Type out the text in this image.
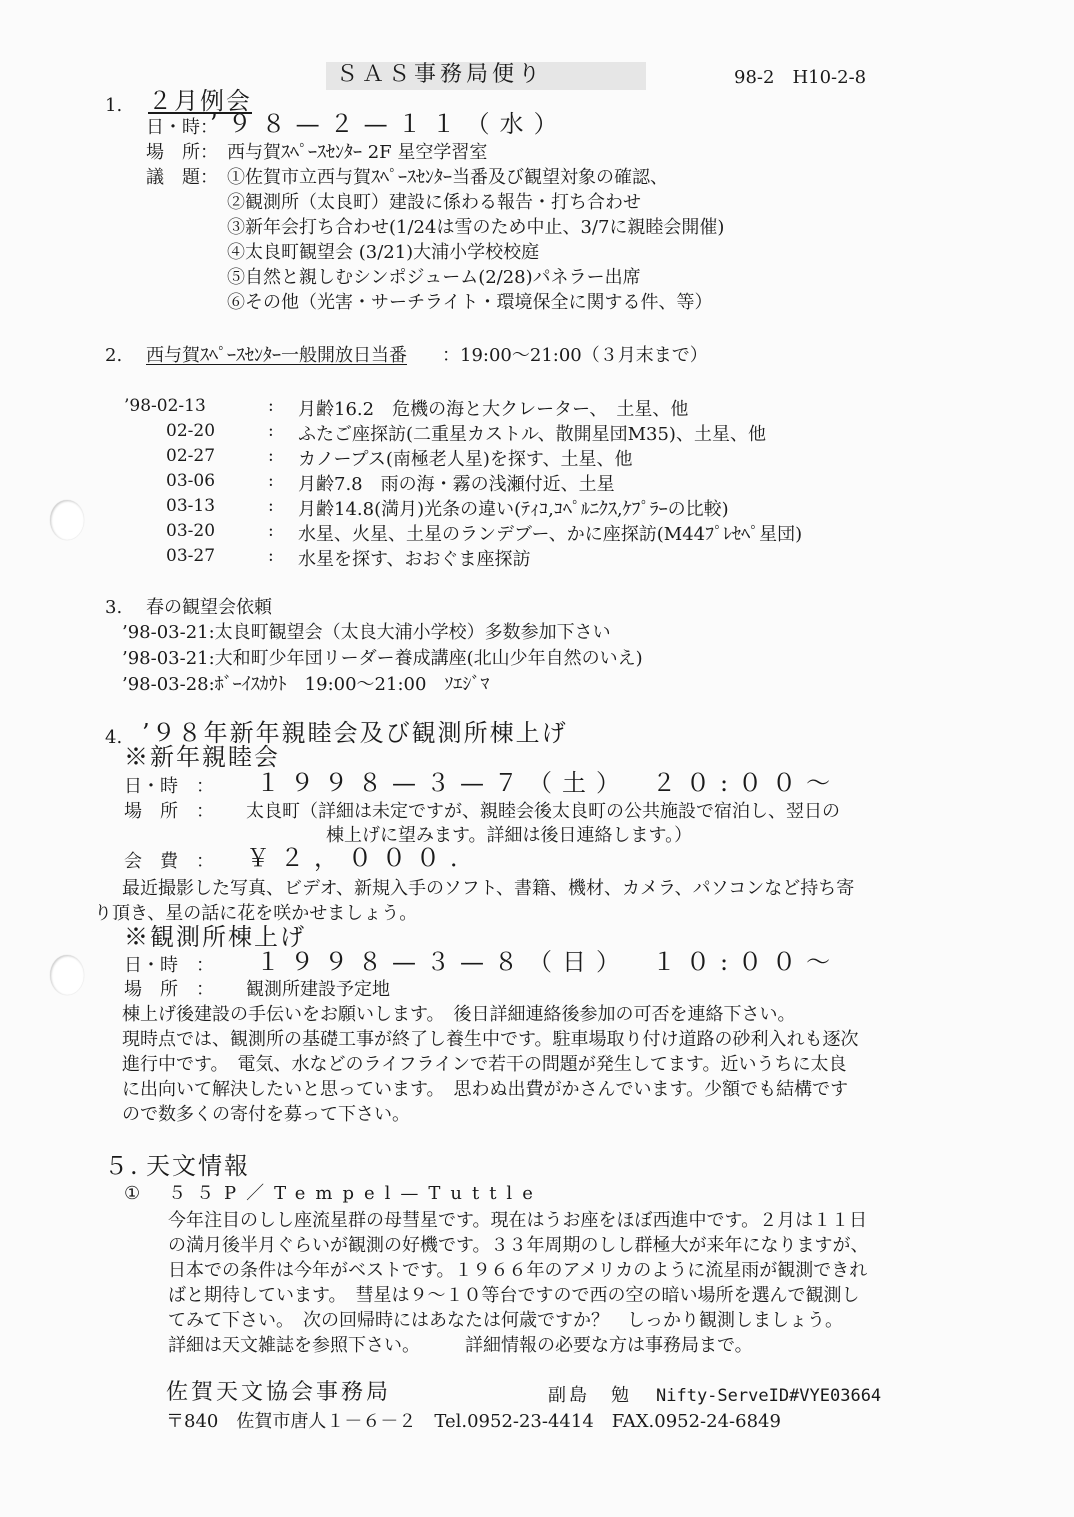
ＳＡＳ事務局便り	98-2　H10-2-8
1. ２月例会
日・時：
’９８—２—１１（水）
場　所： 西与賀ｽﾍﾟｰｽｾﾝﾀｰ 2F 星空学習室
議　題： ①佐賀市立西与賀ｽﾍﾟｰｽｾﾝﾀｰ当番及び観望対象の確認、
②観測所（太良町）建設に係わる報告・打ち合わせ
③新年会打ち合わせ(1/24は雪のため中止、3/7に親睦会開催)
④太良町観望会 (3/21)大浦小学校校庭
⑤自然と親しむシンポジューム(2/28)パネラー出席
⑥その他（光害・サーチライト・環境保全に関する件、等）
2. 西与賀ｽﾍﾟｰｽｾﾝﾀｰ一般開放日当番 ：19:00～21:00（３月末まで）
’98-02-13	: 月齢16.2　危機の海と大クレーター、　土星、他
02-20	: ふたご座探訪(二重星カストル、散開星団M35)、土星、他
02-27	: カノープス(南極老人星)を探す、土星、他
03-06	: 月齢7.8　雨の海・霧の浅瀬付近、土星
03-13	: 月齢14.8(満月)光条の違い(ﾃｨｺ,ｺﾍﾟﾙﾆｸｽ,ｹﾌﾟﾗｰの比較)
03-20	: 水星、火星、土星のランデブー、かに座探訪(M44ﾌﾟﾚｾﾍﾟ星団)
03-27	: 水星を探す、おおぐま座探訪
3. 春の観望会依頼
’98-03-21:太良町観望会（太良大浦小学校）多数参加下さい
’98-03-21:大和町少年団リーダー養成講座(北山少年自然のいえ)
’98-03-28:ﾎﾞｰｲｽｶｳﾄ　19:00～21:00　ｿｴｼﾞﾏ
4. ’９８年新年親睦会及び観測所棟上げ
※新年親睦会
日・時　： １９９８—３—７（土）　２０:００～
場　所　： 太良町（詳細は未定ですが、親睦会後太良町の公共施設で宿泊し、翌日の
棟上げに望みます。詳細は後日連絡します。）
会　費　： ￥２，０００．
最近撮影した写真、ビデオ、新規入手のソフト、書籍、機材、カメラ、パソコンなど持ち寄
り頂き、星の話に花を咲かせましょう。
※観測所棟上げ
日・時　： １９９８—３—８（日）　１０:００～
場　所　： 観測所建設予定地
棟上げ後建設の手伝いをお願いします。　後日詳細連絡後参加の可否を連絡下さい。
現時点では、観測所の基礎工事が終了し養生中です。駐車場取り付け道路の砂利入れも逐次
進行中です。　電気、水などのライフラインで若干の問題が発生してます。近いうちに太良
に出向いて解決したいと思っています。　思わぬ出費がかさんでいます。少額でも結構です
ので数多くの寄付を募って下さい。
５. 天文情報
① ５５P／Tempel—Tuttle
今年注目のしし座流星群の母彗星です。現在はうお座をほぼ西進中です。２月は１１日
の満月後半月ぐらいが観測の好機です。３３年周期のしし群極大が来年になりますが、
日本での条件は今年がベストです。１９６６年のアメリカのように流星雨が観測できれ
ばと期待しています。　彗星は９～１０等台ですので西の空の暗い場所を選んで観測し
てみて下さい。　次の回帰時にはあなたは何歳ですか？　しっかり観測しましょう。
詳細は天文雑誌を参照下さい。　　　詳細情報の必要な方は事務局まで。
佐賀天文協会事務局	副島　勉 Nifty-ServeID#VYE03664
〒840　佐賀市唐人１－６－２　Tel.0952-23-4414　FAX.0952-24-6849
